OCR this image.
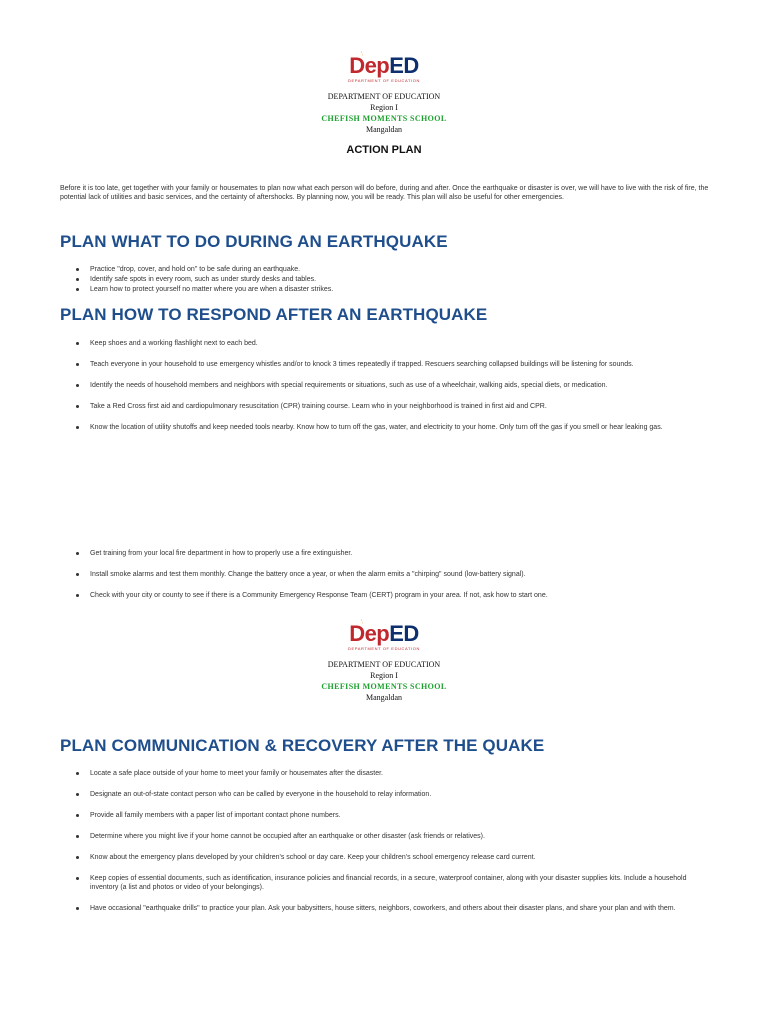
DepED
DEPARTMENT OF EDUCATION
DEPARTMENT OF EDUCATION
Region I
CHEFISH MOMENTS SCHOOL
Mangaldan
ACTION PLAN
Before it is too late, get together with your family or housemates to plan now what each person will do before, during and after. Once the earthquake or disaster is over, we will have to live with the risk of fire, the potential lack of utilities and basic services, and the certainty of aftershocks. By planning now, you will be ready. This plan will also be useful for other emergencies.
PLAN WHAT TO DO DURING AN EARTHQUAKE
Practice "drop, cover, and hold on" to be safe during an earthquake.
Identify safe spots in every room, such as under sturdy desks and tables.
Learn how to protect yourself no matter where you are when a disaster strikes.
PLAN HOW TO RESPOND AFTER AN EARTHQUAKE
Keep shoes and a working flashlight next to each bed.
Teach everyone in your household to use emergency whistles and/or to knock 3 times repeatedly if trapped. Rescuers searching collapsed buildings will be listening for sounds.
Identify the needs of household members and neighbors with special requirements or situations, such as use of a wheelchair, walking aids, special diets, or medication.
Take a Red Cross first aid and cardiopulmonary resuscitation (CPR) training course. Learn who in your neighborhood is trained in first aid and CPR.
Know the location of utility shutoffs and keep needed tools nearby. Know how to turn off the gas, water, and electricity to your home. Only turn off the gas if you smell or hear leaking gas.
Get training from your local fire department in how to properly use a fire extinguisher.
Install smoke alarms and test them monthly. Change the battery once a year, or when the alarm emits a "chirping" sound (low-battery signal).
Check with your city or county to see if there is a Community Emergency Response Team (CERT) program in your area. If not, ask how to start one.
DepED
DEPARTMENT OF EDUCATION
DEPARTMENT OF EDUCATION
Region I
CHEFISH MOMENTS SCHOOL
Mangaldan
PLAN COMMUNICATION & RECOVERY AFTER THE QUAKE
Locate a safe place outside of your home to meet your family or housemates after the disaster.
Designate an out-of-state contact person who can be called by everyone in the household to relay information.
Provide all family members with a paper list of important contact phone numbers.
Determine where you might live if your home cannot be occupied after an earthquake or other disaster (ask friends or relatives).
Know about the emergency plans developed by your children's school or day care. Keep your children's school emergency release card current.
Keep copies of essential documents, such as identification, insurance policies and financial records, in a secure, waterproof container, along with your disaster supplies kits. Include a household inventory (a list and photos or video of your belongings).
Have occasional "earthquake drills" to practice your plan. Ask your babysitters, house sitters, neighbors, coworkers, and others about their disaster plans, and share your plan and with them.
